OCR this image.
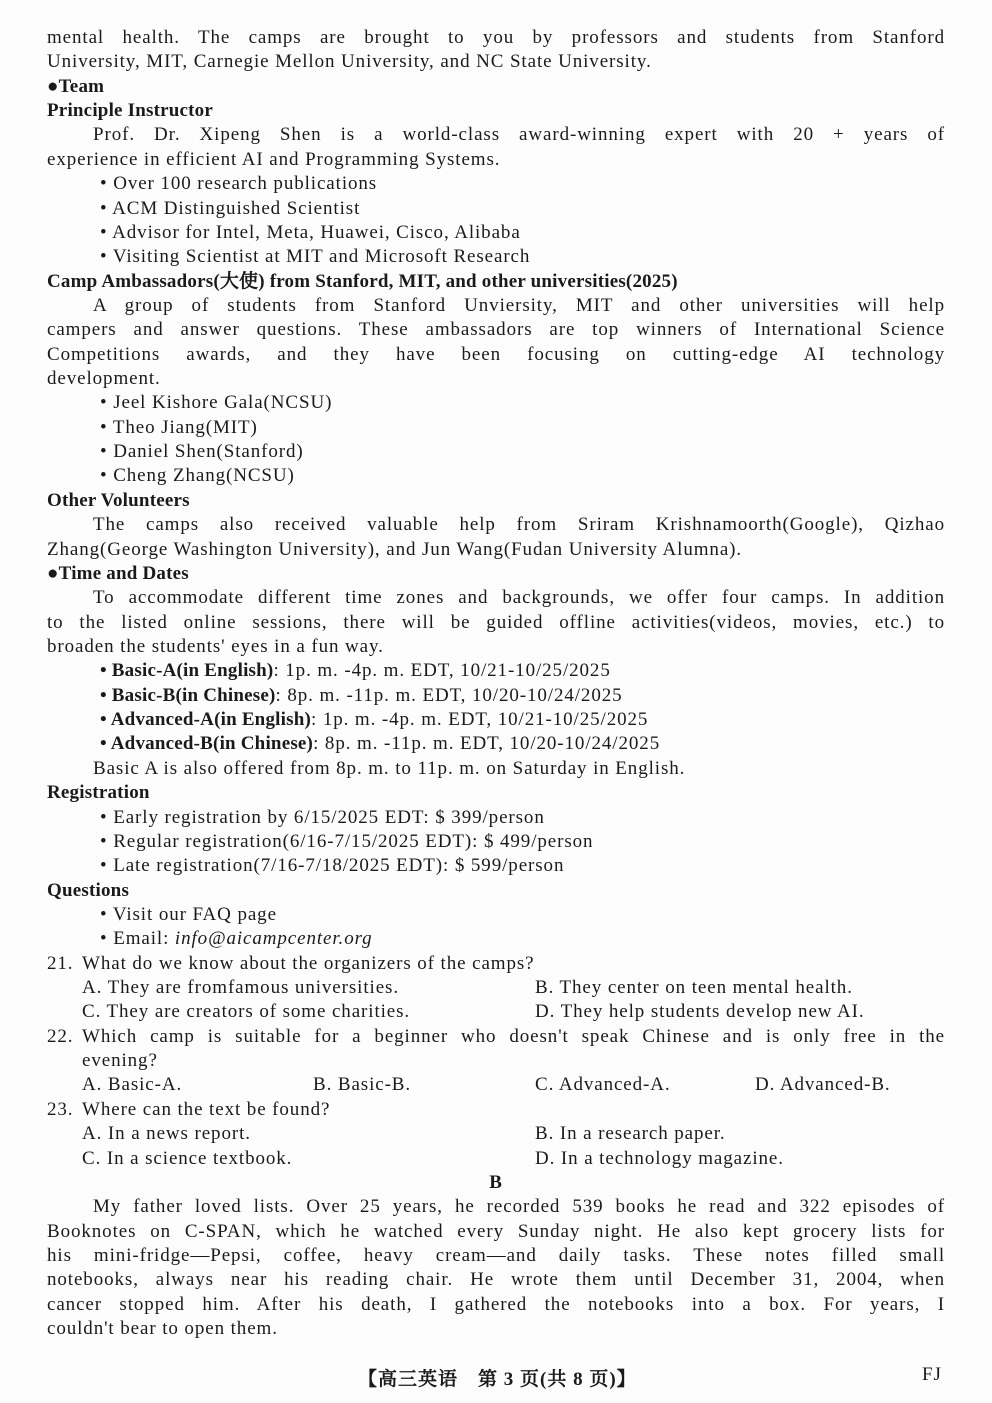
mental health. The camps are brought to you by professors and students from Stanford
University, MIT, Carnegie Mellon University, and NC State University.
●Team
Principle Instructor
Prof. Dr. Xipeng Shen is a world-class award-winning expert with 20 + years of
experience in efficient AI and Programming Systems.
• Over 100 research publications
• ACM Distinguished Scientist
• Advisor for Intel, Meta, Huawei, Cisco, Alibaba
• Visiting Scientist at MIT and Microsoft Research
Camp Ambassadors(大使) from Stanford, MIT, and other universities(2025)
A group of students from Stanford Unviersity, MIT and other universities will help
campers and answer questions. These ambassadors are top winners of International Science
Competitions awards, and they have been focusing on cutting-edge AI technology
development.
• Jeel Kishore Gala(NCSU)
• Theo Jiang(MIT)
• Daniel Shen(Stanford)
• Cheng Zhang(NCSU)
Other Volunteers
The camps also received valuable help from Sriram Krishnamoorth(Google), Qizhao
Zhang(George Washington University), and Jun Wang(Fudan University Alumna).
●Time and Dates
To accommodate different time zones and backgrounds, we offer four camps. In addition
to the listed online sessions, there will be guided offline activities(videos, movies, etc.) to
broaden the students' eyes in a fun way.
• Basic-A(in English): 1p. m. -4p. m. EDT, 10/21-10/25/2025
• Basic-B(in Chinese): 8p. m. -11p. m. EDT, 10/20-10/24/2025
• Advanced-A(in English): 1p. m. -4p. m. EDT, 10/21-10/25/2025
• Advanced-B(in Chinese): 8p. m. -11p. m. EDT, 10/20-10/24/2025
Basic A is also offered from 8p. m. to 11p. m. on Saturday in English.
Registration
• Early registration by 6/15/2025 EDT: $ 399/person
• Regular registration(6/16-7/15/2025 EDT): $ 499/person
• Late registration(7/16-7/18/2025 EDT): $ 599/person
Questions
• Visit our FAQ page
• Email: info@aicampcenter.org
21. What do we know about the organizers of the camps?
A. They are fromfamous universities.	B. They center on teen mental health.
C. They are creators of some charities.	D. They help students develop new AI.
22. Which camp is suitable for a beginner who doesn't speak Chinese and is only free in the
evening?
A. Basic-A.	B. Basic-B.	C. Advanced-A.	D. Advanced-B.
23. Where can the text be found?
A. In a news report.	B. In a research paper.
C. In a science textbook.	D. In a technology magazine.
B
My father loved lists. Over 25 years, he recorded 539 books he read and 322 episodes of
Booknotes on C-SPAN, which he watched every Sunday night. He also kept grocery lists for
his mini-fridge—Pepsi, coffee, heavy cream—and daily tasks. These notes filled small
notebooks, always near his reading chair. He wrote them until December 31, 2004, when
cancer stopped him. After his death, I gathered the notebooks into a box. For years, I
couldn't bear to open them.
【高三英语　第 3 页(共 8 页)】	FJ
